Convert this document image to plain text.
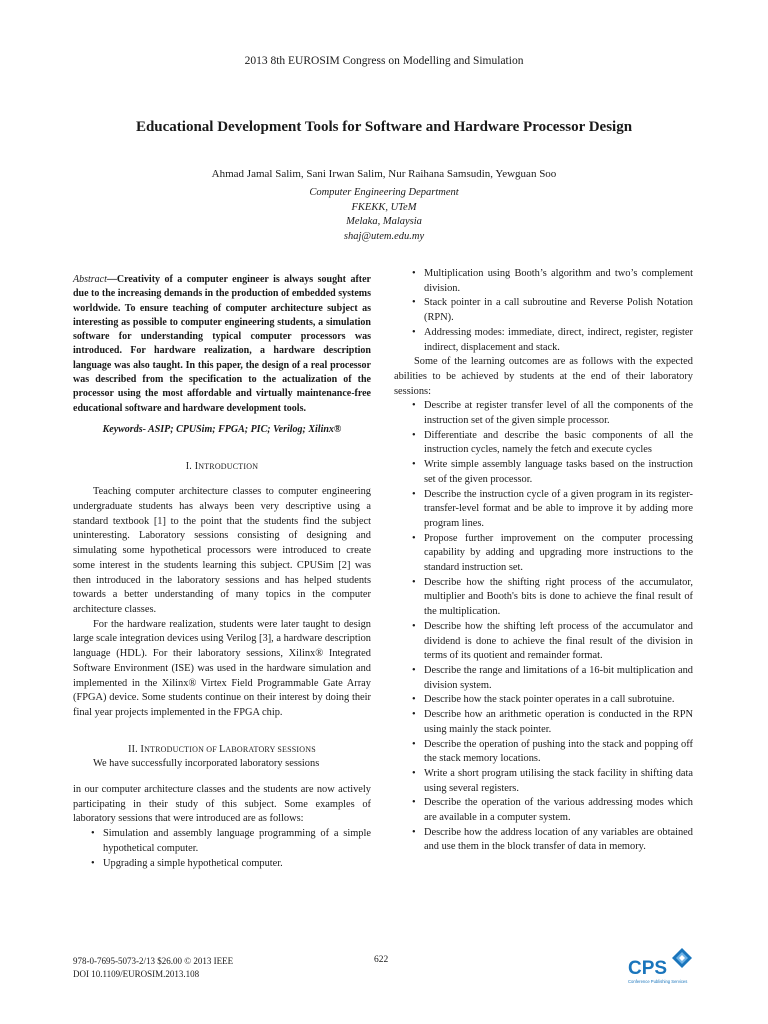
2013 8th EUROSIM Congress on Modelling and Simulation
Educational Development Tools for Software and Hardware Processor Design
Ahmad Jamal Salim, Sani Irwan Salim, Nur Raihana Samsudin, Yewguan Soo
Computer Engineering Department
FKEKK, UTeM
Melaka, Malaysia
shaj@utem.edu.my

Abstract—Creativity of a computer engineer is always sought after due to the increasing demands in the production of embedded systems worldwide. To ensure teaching of computer architecture subject as interesting as possible to computer engineering students, a simulation software for understanding typical computer processors was introduced. For hardware realization, a hardware description language was also taught. In this paper, the design of a real processor was described from the specification to the actualization of the processor using the most affordable and virtually maintenance-free educational software and hardware development tools.

Keywords- ASIP; CPUSim; FPGA; PIC; Verilog; Xilinx®

I. INTRODUCTION

Teaching computer architecture classes to computer engineering undergraduate students has always been very descriptive using a standard textbook [1] to the point that the students find the subject uninteresting. Laboratory sessions consisting of designing and simulating some hypothetical processors were introduced to create some interest in the students learning this subject. CPUSim [2] was then introduced in the laboratory sessions and has helped students towards a better understanding of many topics in the computer architecture classes.

For the hardware realization, students were later taught to design large scale integration devices using Verilog [3], a hardware description language (HDL). For their laboratory sessions, Xilinx® Integrated Software Environment (ISE) was used in the hardware simulation and implemented in the Xilinx® Virtex Field Programmable Gate Array (FPGA) device. Some students continue on their interest by doing their final year projects implemented in the FPGA chip.

II. INTRODUCTION OF LABORATORY SESSIONS

We have successfully incorporated laboratory sessions

in our computer architecture classes and the students are now actively participating in their study of this subject. Some examples of laboratory sessions that were introduced are as follows:

• Simulation and assembly language programming of a simple hypothetical computer.
• Upgrading a simple hypothetical computer.
• Multiplication using Booth’s algorithm and two’s complement division.
• Stack pointer in a call subroutine and Reverse Polish Notation (RPN).
• Addressing modes: immediate, direct, indirect, register, register indirect, displacement and stack.

Some of the learning outcomes are as follows with the expected abilities to be achieved by students at the end of their laboratory sessions:

• Describe at register transfer level of all the components of the instruction set of the given simple processor.
• Differentiate and describe the basic components of all the instruction cycles, namely the fetch and execute cycles
• Write simple assembly language tasks based on the instruction set of the given processor.
• Describe the instruction cycle of a given program in its register-transfer-level format and be able to improve it by adding more program lines.
• Propose further improvement on the computer processing capability by adding and upgrading more instructions to the standard instruction set.
• Describe how the shifting right process of the accumulator, multiplier and Booth's bits is done to achieve the final result of the multiplication.
• Describe how the shifting left process of the accumulator and dividend is done to achieve the final result of the division in terms of its quotient and remainder format.
• Describe the range and limitations of a 16-bit multiplication and division system.
• Describe how the stack pointer operates in a call subrotuine.
• Describe how an arithmetic operation is conducted in the RPN using mainly the stack pointer.
• Describe the operation of pushing into the stack and popping off the stack memory locations.
• Write a short program utilising the stack facility in shifting data using several registers.
• Describe the operation of the various addressing modes which are available in a computer system.
• Describe how the address location of any variables are obtained and use them in the block transfer of data in memory.
978-0-7695-5073-2/13 $26.00 © 2013 IEEE
DOI 10.1109/EUROSIM.2013.108
622	CPS
Conference Publishing Services
